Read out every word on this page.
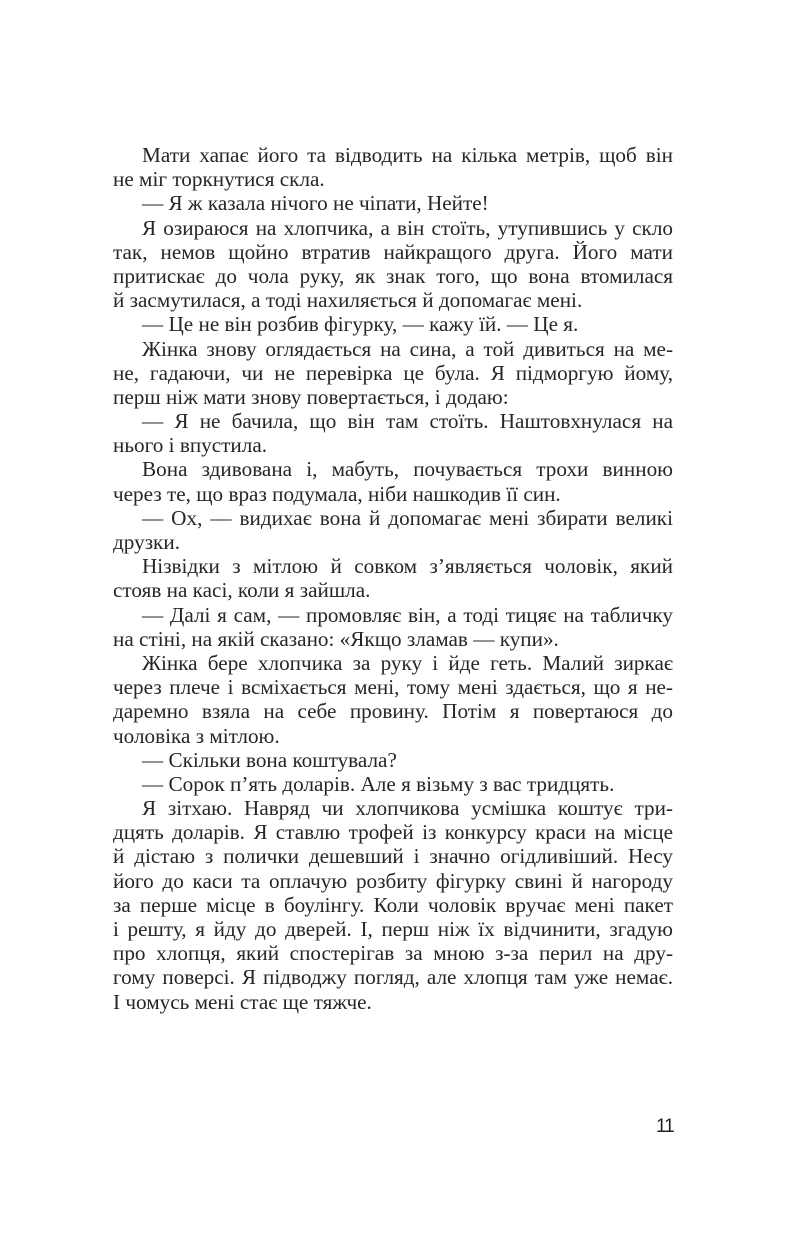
Мати хапає його та відводить на кілька метрів, щоб він
не міг торкнутися скла.
— Я ж казала нічого не чіпати, Нейте!
Я озираюся на хлопчика, а він стоїть, утупившись у скло
так, немов щойно втратив найкращого друга. Його мати
притискає до чола руку, як знак того, що вона втомилася
й засмутилася, а тоді нахиляється й допомагає мені.
— Це не він розбив фігурку, — кажу їй. — Це я.
Жінка знову оглядається на сина, а той дивиться на ме-
не, гадаючи, чи не перевірка це була. Я підморгую йому,
перш ніж мати знову повертається, і додаю:
— Я не бачила, що він там стоїть. Наштовхнулася на
нього і впустила.
Вона здивована і, мабуть, почувається трохи винною
через те, що враз подумала, ніби нашкодив її син.
— Ох, — видихає вона й допомагає мені збирати великі
друзки.
Нізвідки з мітлою й совком з’являється чоловік, який
стояв на касі, коли я зайшла.
— Далі я сам, — промовляє він, а тоді тицяє на табличку
на стіні, на якій сказано: «Якщо зламав — купи».
Жінка бере хлопчика за руку і йде геть. Малий зиркає
через плече і всміхається мені, тому мені здається, що я не-
даремно взяла на себе провину. Потім я повертаюся до
чоловіка з мітлою.
— Скільки вона коштувала?
— Сорок п’ять доларів. Але я візьму з вас тридцять.
Я зітхаю. Навряд чи хлопчикова усмішка коштує три-
дцять доларів. Я ставлю трофей із конкурсу краси на місце
й дістаю з полички дешевший і значно огідливіший. Несу
його до каси та оплачую розбиту фігурку свині й нагороду
за перше місце в боулінгу. Коли чоловік вручає мені пакет
і решту, я йду до дверей. І, перш ніж їх відчинити, згадую
про хлопця, який спостерігав за мною з-за перил на дру-
гому поверсі. Я підводжу погляд, але хлопця там уже немає.
І чомусь мені стає ще тяжче.
11
